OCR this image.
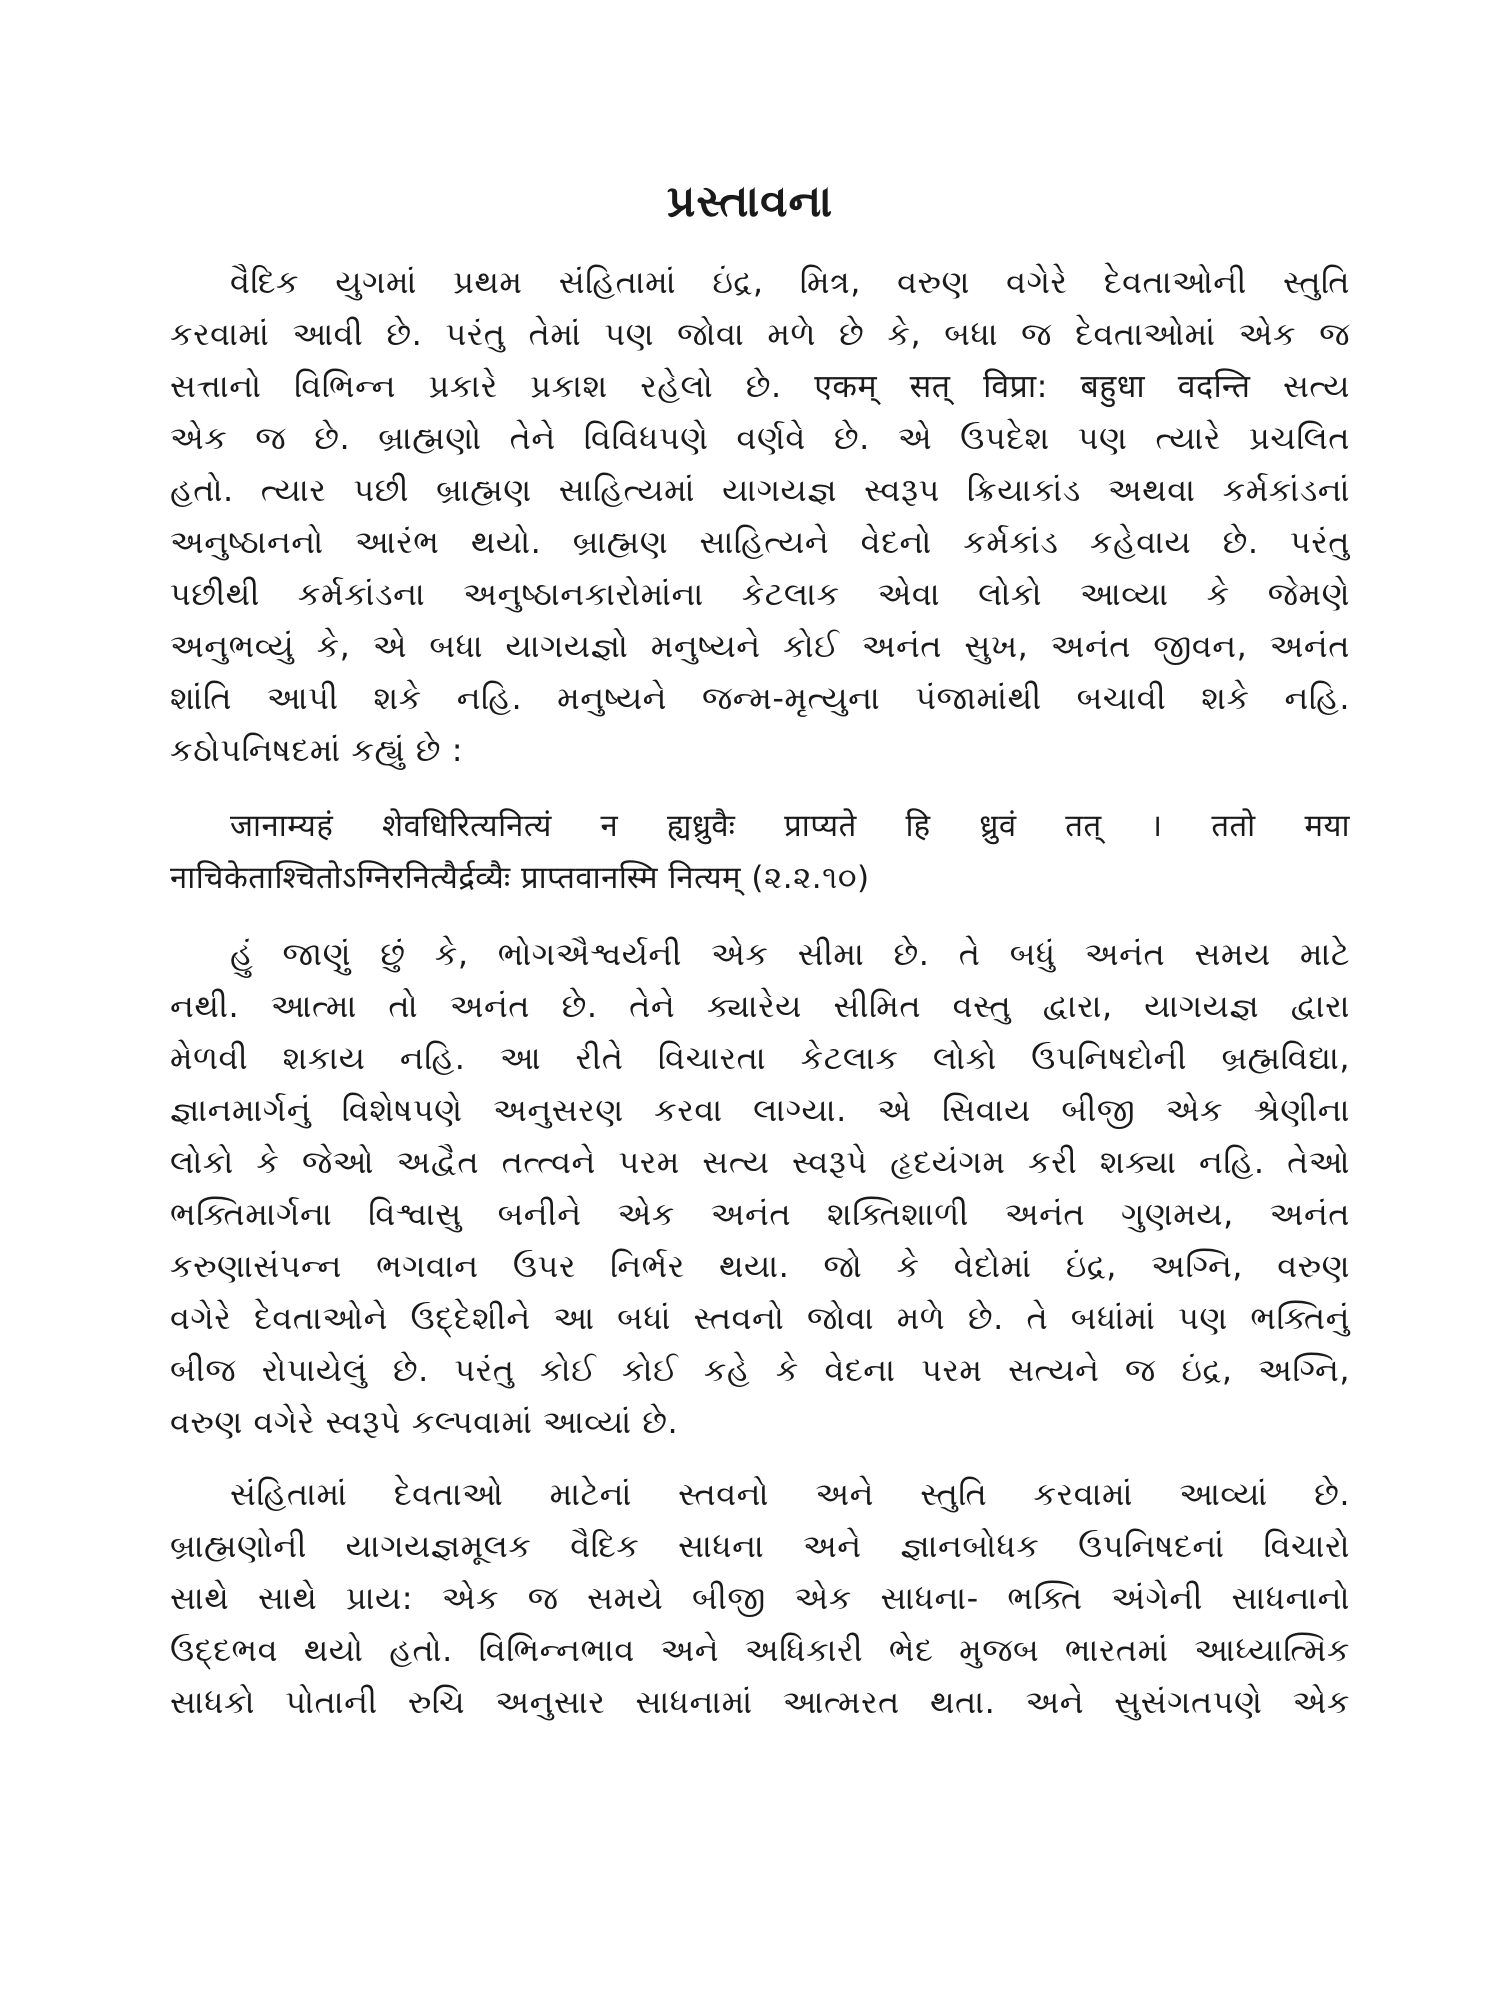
પ્રસ્તાવના
વૈદિક યુગમાં પ્રથમ સંહિતામાં ઇંદ્ર, મિત્ર, વરુણ વગેરે દેવતાઓની સ્તુતિ
કરવામાં આવી છે. પરંતુ તેમાં પણ જોવા મળે છે કે, બધા જ દેવતાઓમાં એક જ
સત્તાનો વિભિન્ન પ્રકારે પ્રકાશ રહેલો છે. एकम् सत् विप्रा: बहुधा वदन्ति સત્ય
એક જ છે. બ્રાહ્મણો તેને વિવિધપણે વર્ણવે છે. એ ઉપદેશ પણ ત્યારે પ્રચલિત
હતો. ત્યાર પછી બ્રાહ્મણ સાહિત્યમાં યાગયજ્ઞ સ્વરૂપ ક્રિયાકાંડ અથવા કર્મકાંડનાં
અનુષ્ઠાનનો આરંભ થયો. બ્રાહ્મણ સાહિત્યને વેદનો કર્મકાંડ કહેવાય છે. પરંતુ
પછીથી કર્મકાંડના અનુષ્ઠાનકારોમાંના કેટલાક એવા લોકો આવ્યા કે જેમણે
અનુભવ્યું કે, એ બધા યાગયજ્ઞો મનુષ્યને કોઈ અનંત સુખ, અનંત જીવન, અનંત
શાંતિ આપી શકે નહિ. મનુષ્યને જન્મ-મૃત્યુના પંજામાંથી બચાવી શકે નહિ.
કઠોપનિષદમાં કહ્યું છે :
जानाम्यहं शेवधिरित्यनित्यं न ह्यध्रुवैः प्राप्यते हि ध्रुवं तत् । ततो मया
नाचिकेताश्चितोऽग्निरनित्यैर्द्रव्यैः प्राप्तवानस्मि नित्यम् (૨.૨.૧૦)
હું જાણું છું કે, ભોગઐશ્વર્યની એક સીમા છે. તે બધું અનંત સમય માટે
નથી. આત્મા તો અનંત છે. તેને ક્યારેય સીમિત વસ્તુ દ્વારા, યાગયજ્ઞ દ્વારા
મેળવી શકાય નહિ. આ રીતે વિચારતા કેટલાક લોકો ઉપનિષદોની બ્રહ્મવિદ્યા,
જ્ઞાનમાર્ગનું વિશેષપણે અનુસરણ કરવા લાગ્યા. એ સિવાય બીજી એક શ્રેણીના
લોકો કે જેઓ અદ્વૈત તત્ત્વને પરમ સત્ય સ્વરૂપે હૃદયંગમ કરી શક્યા નહિ. તેઓ
ભક્તિમાર્ગના વિશ્વાસુ બનીને એક અનંત શક્તિશાળી અનંત ગુણમય, અનંત
કરુણાસંપન્ન ભગવાન ઉપર નિર્ભર થયા. જો કે વેદોમાં ઇંદ્ર, અગ્નિ, વરુણ
વગેરે દેવતાઓને ઉદ્દેશીને આ બધાં સ્તવનો જોવા મળે છે. તે બધાંમાં પણ ભક્તિનું
બીજ રોપાયેલું છે. પરંતુ કોઈ કોઈ કહે કે વેદના પરમ સત્યને જ ઇંદ્ર, અગ્નિ,
વરુણ વગેરે સ્વરૂપે કલ્પવામાં આવ્યાં છે.
સંહિતામાં દેવતાઓ માટેનાં સ્તવનો અને સ્તુતિ કરવામાં આવ્યાં છે.
બ્રાહ્મણોની યાગયજ્ઞમૂલક વૈદિક સાધના અને જ્ઞાનબોધક ઉપનિષદનાં વિચારો
સાથે સાથે પ્રાય: એક જ સમયે બીજી એક સાધના- ભક્તિ અંગેની સાધનાનો
ઉદ્દભવ થયો હતો. વિભિન્નભાવ અને અધિકારી ભેદ મુજબ ભારતમાં આધ્યાત્મિક
સાધકો પોતાની રુચિ અનુસાર સાધનામાં આત્મરત થતા. અને સુસંગતપણે એક
